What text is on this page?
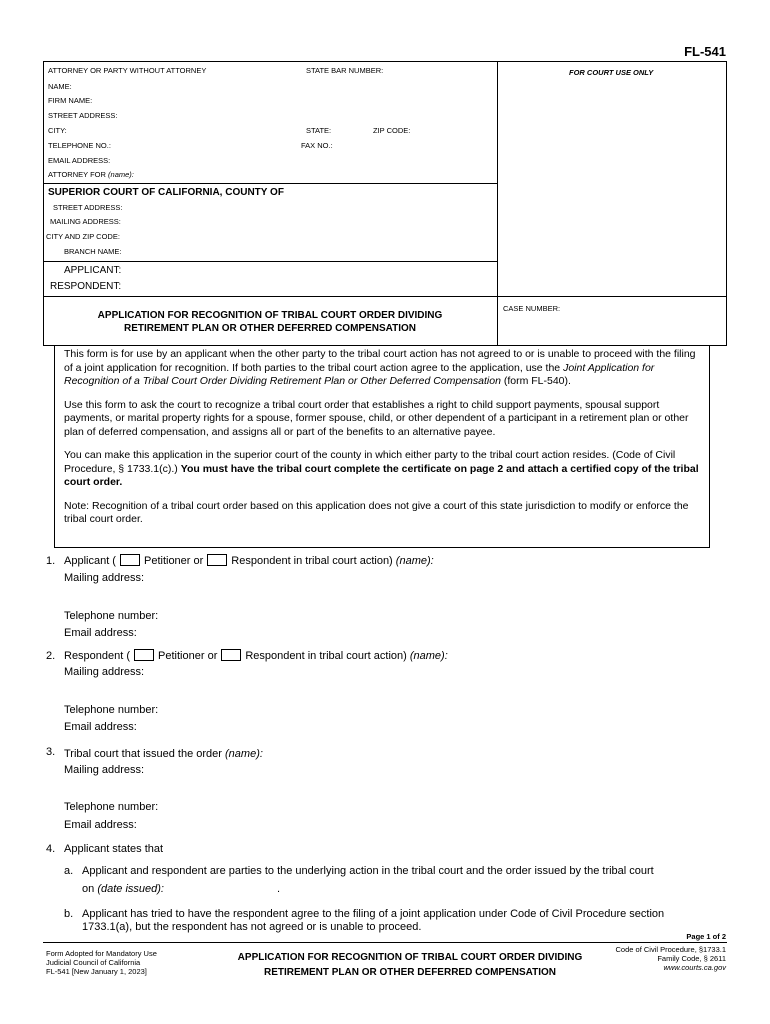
FL-541
ATTORNEY OR PARTY WITHOUT ATTORNEY	STATE BAR NUMBER:	FOR COURT USE ONLY
NAME:
FIRM NAME:
STREET ADDRESS:
CITY:	STATE:	ZIP CODE:
TELEPHONE NO.:	FAX NO.:
EMAIL ADDRESS:
ATTORNEY FOR (name):
SUPERIOR COURT OF CALIFORNIA, COUNTY OF
STREET ADDRESS:
MAILING ADDRESS:
CITY AND ZIP CODE:
BRANCH NAME:
APPLICANT:
RESPONDENT:
APPLICATION FOR RECOGNITION OF TRIBAL COURT ORDER DIVIDING
RETIREMENT PLAN OR OTHER DEFERRED COMPENSATION
CASE NUMBER:

This form is for use by an applicant when the other party to the tribal court action has not agreed to or is unable to proceed with the filing of a joint application for recognition. If both parties to the tribal court action agree to the application, use the Joint Application for Recognition of a Tribal Court Order Dividing Retirement Plan or Other Deferred Compensation (form FL-540).

Use this form to ask the court to recognize a tribal court order that establishes a right to child support payments, spousal support payments, or marital property rights for a spouse, former spouse, child, or other dependent of a participant in a retirement plan or other plan of deferred compensation, and assigns all or part of the benefits to an alternative payee.

You can make this application in the superior court of the county in which either party to the tribal court action resides. (Code of Civil Procedure, § 1733.1(c).) You must have the tribal court complete the certificate on page 2 and attach a certified copy of the tribal court order.

Note: Recognition of a tribal court order based on this application does not give a court of this state jurisdiction to modify or enforce the tribal court order.

1. Applicant (	Petitioner or	Respondent in tribal court action) (name):
Mailing address:
Telephone number:
Email address:
2. Respondent (	Petitioner or	Respondent in tribal court action) (name):
Mailing address:
Telephone number:
Email address:
3. Tribal court that issued the order (name):
Mailing address:
Telephone number:
Email address:
4. Applicant states that
a. Applicant and respondent are parties to the underlying action in the tribal court and the order issued by the tribal court
on (date issued):	.
b. Applicant has tried to have the respondent agree to the filing of a joint application under Code of Civil Procedure section
1733.1(a), but the respondent has not agreed or is unable to proceed.
Page 1 of 2
Form Adopted for Mandatory Use
Judicial Council of California
FL-541 [New January 1, 2023]
APPLICATION FOR RECOGNITION OF TRIBAL COURT ORDER DIVIDING
RETIREMENT PLAN OR OTHER DEFERRED COMPENSATION
Code of Civil Procedure, §1733.1
Family Code, § 2611
www.courts.ca.gov
